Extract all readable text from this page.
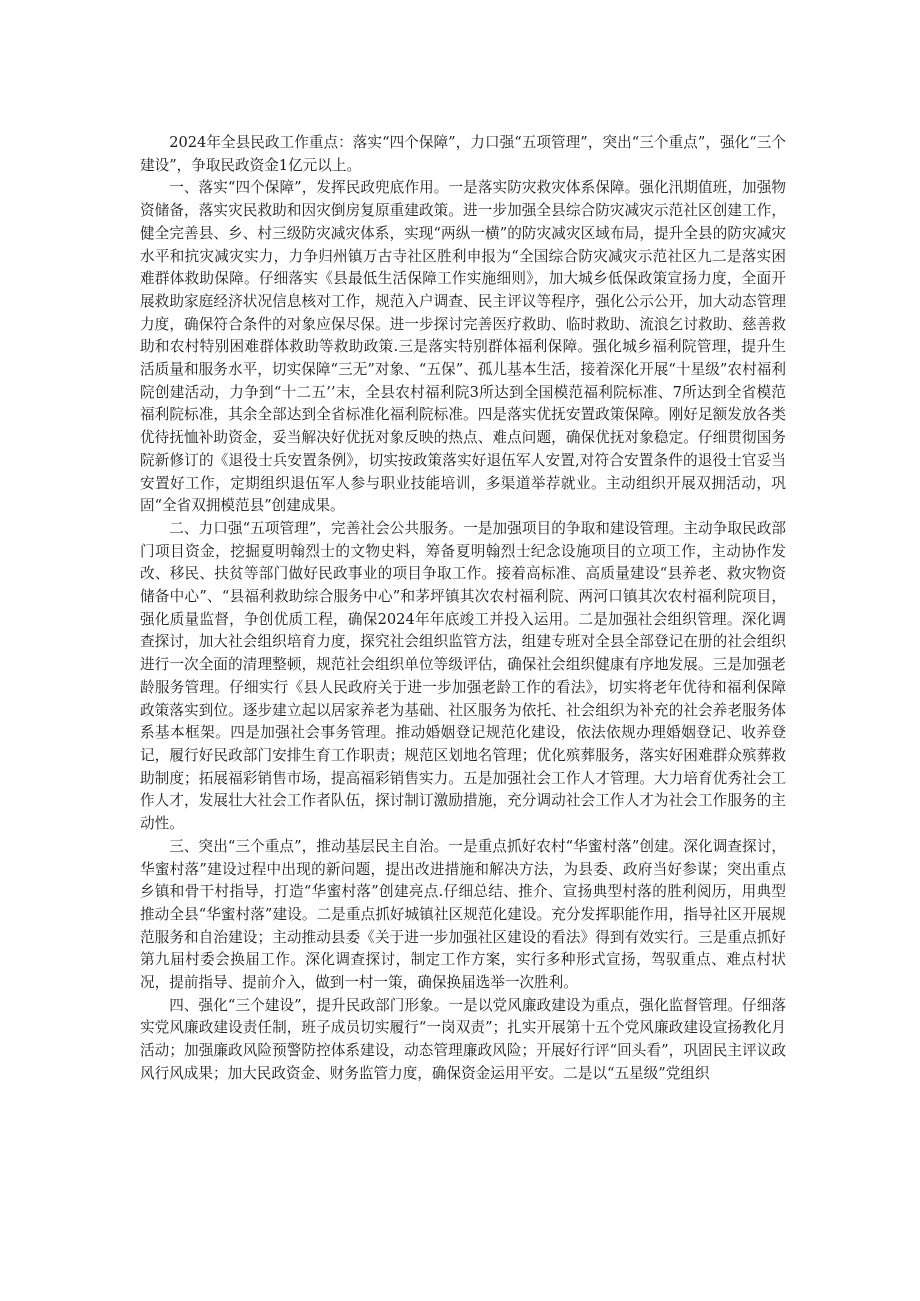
2024年全县民政工作重点：落实“四个保障”，力口强“五项管理”，突出“三个重点”，强化“三个建设”，争取民政资金1亿元以上。

一、落实“四个保障”，发挥民政兜底作用。一是落实防灾救灾体系保障。强化汛期值班，加强物资储备，落实灾民救助和因灾倒房复原重建政策。进一步加强全县综合防灾减灾示范社区创建工作，健全完善县、乡、村三级防灾减灾体系，实现“两纵一横”的防灾减灾区域布局，提升全县的防灾减灾水平和抗灾减灾实力，力争归州镇万古寺社区胜利申报为“全国综合防灾减灾示范社区九二是落实困难群体救助保障。仔细落实《县最低生活保障工作实施细则》，加大城乡低保政策宣扬力度，全面开展救助家庭经济状况信息核对工作，规范入户调查、民主评议等程序，强化公示公开，加大动态管理力度，确保符合条件的对象应保尽保。进一步探讨完善医疗救助、临时救助、流浪乞讨救助、慈善救助和农村特别困难群体救助等救助政策.三是落实特别群体福利保障。强化城乡福利院管理，提升生活质量和服务水平，切实保障“三无”对象、“五保”、孤儿基本生活，接着深化开展“十星级”农村福利院创建活动，力争到“十二五’’末，全县农村福利院3所达到全国模范福利院标准、7所达到全省模范福利院标准，其余全部达到全省标准化福利院标准。四是落实优抚安置政策保障。刚好足额发放各类优待抚恤补助资金，妥当解决好优抚对象反映的热点、难点问题，确保优抚对象稳定。仔细贯彻国务院新修订的《退役士兵安置条例》，切实按政策落实好退伍军人安置,对符合安置条件的退役士官妥当安置好工作，定期组织退伍军人参与职业技能培训，多渠道举荐就业。主动组织开展双拥活动，巩固“全省双拥模范县”创建成果。

二、力口强“五项管理”，完善社会公共服务。一是加强项目的争取和建设管理。主动争取民政部门项目资金，挖掘夏明翰烈士的文物史料，筹备夏明翰烈士纪念设施项目的立项工作，主动协作发改、移民、扶贫等部门做好民政事业的项目争取工作。接着高标准、高质量建设“县养老、救灾物资储备中心”、“县福利救助综合服务中心”和茅坪镇其次农村福利院、两河口镇其次农村福利院项目，强化质量监督，争创优质工程，确保2024年年底竣工并投入运用。二是加强社会组织管理。深化调查探讨，加大社会组织培育力度，探究社会组织监管方法，组建专班对全县全部登记在册的社会组织进行一次全面的清理整顿，规范社会组织单位等级评估，确保社会组织健康有序地发展。三是加强老龄服务管理。仔细实行《县人民政府关于进一步加强老龄工作的看法》，切实将老年优待和福利保障政策落实到位。逐步建立起以居家养老为基础、社区服务为依托、社会组织为补充的社会养老服务体系基本框架。四是加强社会事务管理。推动婚姻登记规范化建设，依法依规办理婚姻登记、收养登记，履行好民政部门安排生育工作职责；规范区划地名管理；优化殡葬服务，落实好困难群众殡葬救助制度；拓展福彩销售市场，提高福彩销售实力。五是加强社会工作人才管理。大力培育优秀社会工作人才，发展壮大社会工作者队伍，探讨制订激励措施，充分调动社会工作人才为社会工作服务的主动性。

三、突出“三个重点”，推动基层民主自治。一是重点抓好农村“华蜜村落”创建。深化调查探讨，华蜜村落”建设过程中出现的新问题，提出改进措施和解决方法，为县委、政府当好参谋；突出重点乡镇和骨干村指导，打造“华蜜村落”创建亮点.仔细总结、推介、宣扬典型村落的胜利阅历，用典型推动全县“华蜜村落”建设。二是重点抓好城镇社区规范化建设。充分发挥职能作用，指导社区开展规范服务和自治建设；主动推动县委《关于进一步加强社区建设的看法》得到有效实行。三是重点抓好第九届村委会换届工作。深化调查探讨，制定工作方案，实行多种形式宣扬，驾驭重点、难点村状况，提前指导、提前介入，做到一村一策，确保换届选举一次胜利。

四、强化“三个建设”，提升民政部门形象。一是以党风廉政建设为重点，强化监督管理。仔细落实党风廉政建设责任制，班子成员切实履行“一岗双责”；扎实开展第十五个党风廉政建设宣扬教化月活动；加强廉政风险预警防控体系建设，动态管理廉政风险；开展好行评“回头看”，巩固民主评议政风行风成果；加大民政资金、财务监管力度，确保资金运用平安。二是以“五星级”党组织
